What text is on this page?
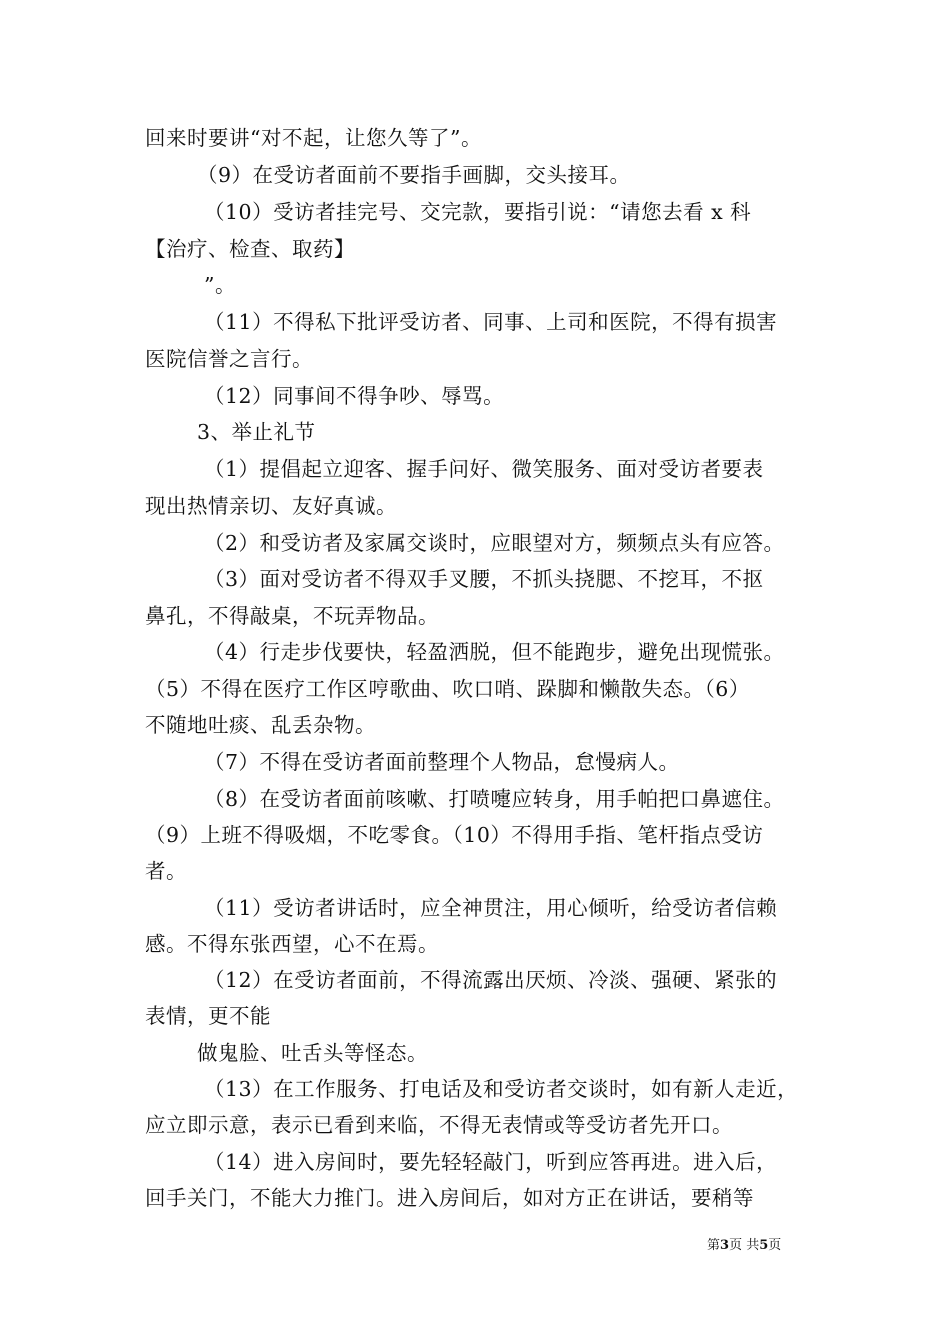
回来时要讲“对不起，让您久等了”。
（9）在受访者面前不要指手画脚，交头接耳。
（10）受访者挂完号、交完款，要指引说：“请您去看 x 科
【治疗、检查、取药】
”。
（11）不得私下批评受访者、同事、上司和医院，不得有损害
医院信誉之言行。
（12）同事间不得争吵、辱骂。
3、举止礼节
（1）提倡起立迎客、握手问好、微笑服务、面对受访者要表
现出热情亲切、友好真诚。
（2）和受访者及家属交谈时，应眼望对方，频频点头有应答。
（3）面对受访者不得双手叉腰，不抓头挠腮、不挖耳，不抠
鼻孔，不得敲桌，不玩弄物品。
（4）行走步伐要快，轻盈洒脱，但不能跑步，避免出现慌张。
（5）不得在医疗工作区哼歌曲、吹口哨、跺脚和懒散失态。（6）
不随地吐痰、乱丢杂物。
（7）不得在受访者面前整理个人物品，怠慢病人。
（8）在受访者面前咳嗽、打喷嚏应转身，用手帕把口鼻遮住。
（9）上班不得吸烟，不吃零食。（10）不得用手指、笔杆指点受访
者。
（11）受访者讲话时，应全神贯注，用心倾听，给受访者信赖
感。不得东张西望，心不在焉。
（12）在受访者面前，不得流露出厌烦、冷淡、强硬、紧张的
表情，更不能
做鬼脸、吐舌头等怪态。
（13）在工作服务、打电话及和受访者交谈时，如有新人走近，
应立即示意，表示已看到来临，不得无表情或等受访者先开口。
（14）进入房间时，要先轻轻敲门，听到应答再进。进入后，
回手关门，不能大力推门。进入房间后，如对方正在讲话，要稍等
第3页 共5页
